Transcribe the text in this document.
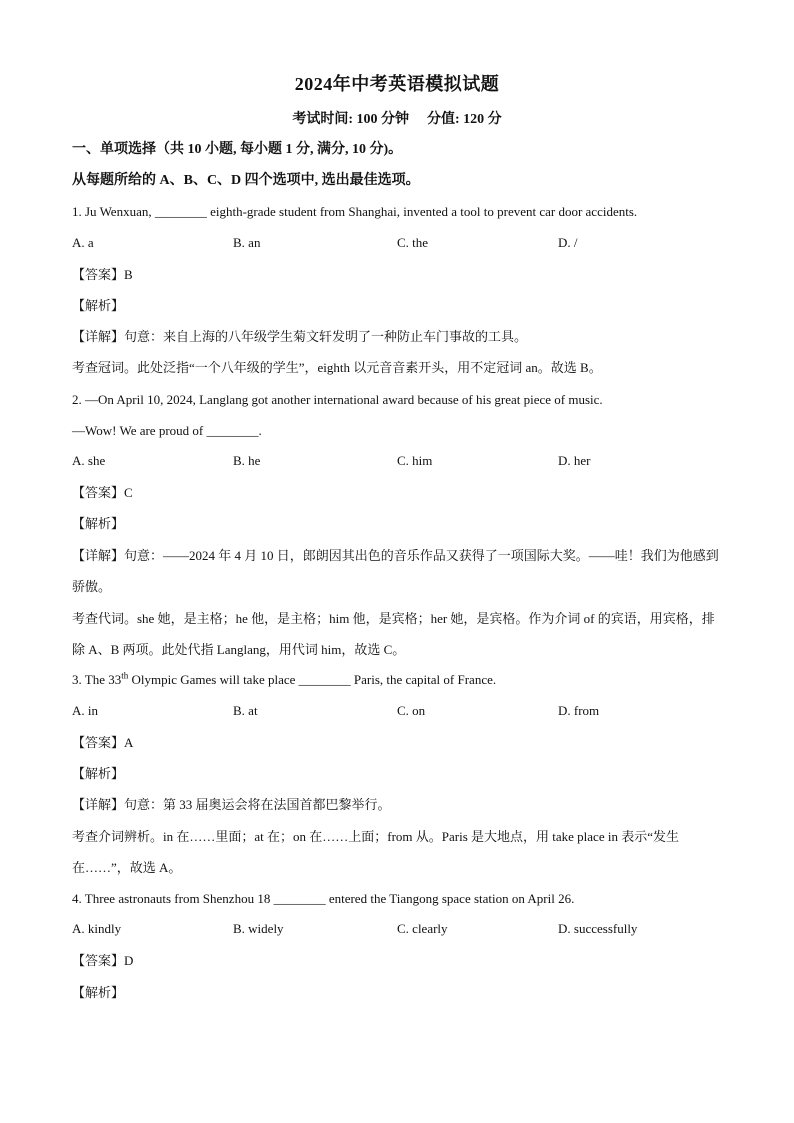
2024年中考英语模拟试题
考试时间: 100 分钟 分值: 120 分
一、单项选择（共 10 小题, 每小题 1 分, 满分, 10 分)。
从每题所给的 A、B、C、D 四个选项中, 选出最佳选项。
1. Ju Wenxuan, ________ eighth-grade student from Shanghai, invented a tool to prevent car door accidents.
A. a	B. an	C. the	D. /
【答案】B
【解析】
【详解】句意：来自上海的八年级学生菊文轩发明了一种防止车门事故的工具。
考查冠词。此处泛指“一个八年级的学生”，eighth 以元音音素开头，用不定冠词 an。故选 B。
2. —On April 10, 2024, Langlang got another international award because of his great piece of music.
—Wow! We are proud of ________.
A. she	B. he	C. him	D. her
【答案】C
【解析】
【详解】句意：——2024 年 4 月 10 日，郎朗因其出色的音乐作品又获得了一项国际大奖。——哇！我们为他感到骄傲。
考查代词。she 她，是主格；he 他，是主格；him 他，是宾格；her 她，是宾格。作为介词 of 的宾语，用宾格，排除 A、B 两项。此处代指 Langlang，用代词 him，故选 C。
3. The 33th Olympic Games will take place ________ Paris, the capital of France.
A. in	B. at	C. on	D. from
【答案】A
【解析】
【详解】句意：第 33 届奥运会将在法国首都巴黎举行。
考查介词辨析。in 在……里面；at 在；on 在……上面；from 从。Paris 是大地点，用 take place in 表示“发生在……”，故选 A。
4. Three astronauts from Shenzhou 18 ________ entered the Tiangong space station on April 26.
A. kindly	B. widely	C. clearly	D. successfully
【答案】D
【解析】
